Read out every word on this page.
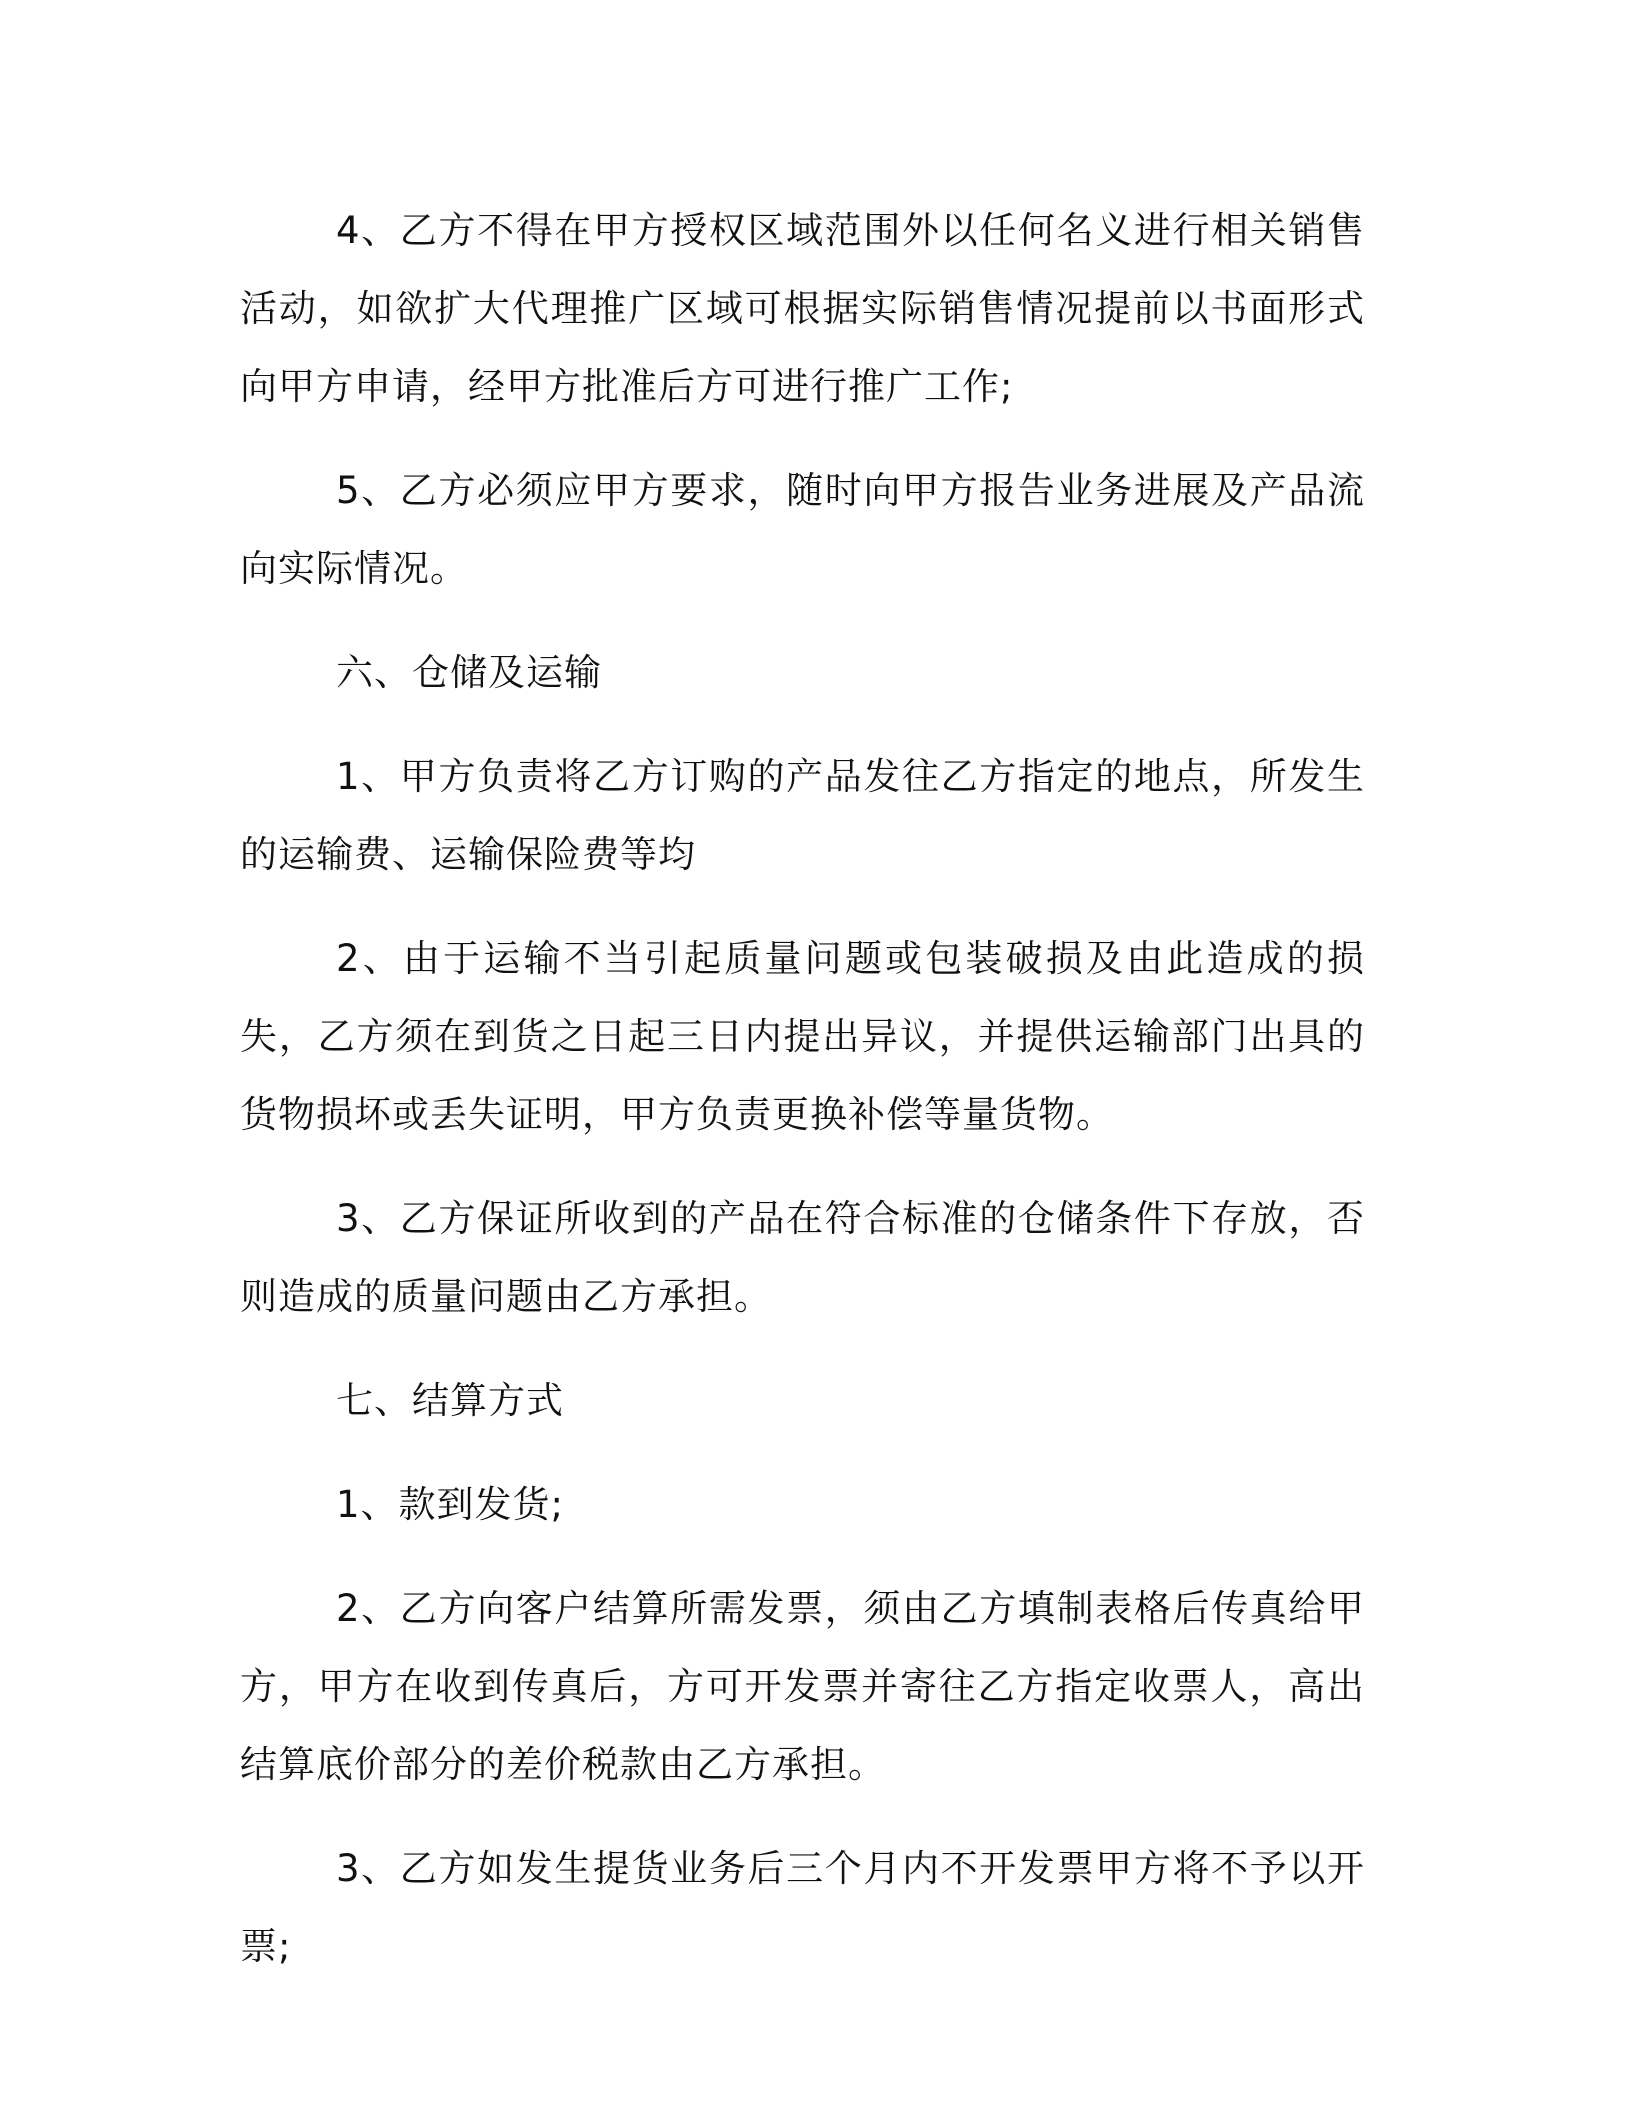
4、乙方不得在甲方授权区域范围外以任何名义进行相关销售活动，如欲扩大代理推广区域可根据实际销售情况提前以书面形式向甲方申请，经甲方批准后方可进行推广工作;

5、乙方必须应甲方要求，随时向甲方报告业务进展及产品流向实际情况。

六、仓储及运输

1、甲方负责将乙方订购的产品发往乙方指定的地点，所发生的运输费、运输保险费等均

2、由于运输不当引起质量问题或包装破损及由此造成的损失，乙方须在到货之日起三日内提出异议，并提供运输部门出具的货物损坏或丢失证明，甲方负责更换补偿等量货物。

3、乙方保证所收到的产品在符合标准的仓储条件下存放，否则造成的质量问题由乙方承担。

七、结算方式

1、款到发货;

2、乙方向客户结算所需发票，须由乙方填制表格后传真给甲方，甲方在收到传真后，方可开发票并寄往乙方指定收票人，高出结算底价部分的差价税款由乙方承担。

3、乙方如发生提货业务后三个月内不开发票甲方将不予以开票;
